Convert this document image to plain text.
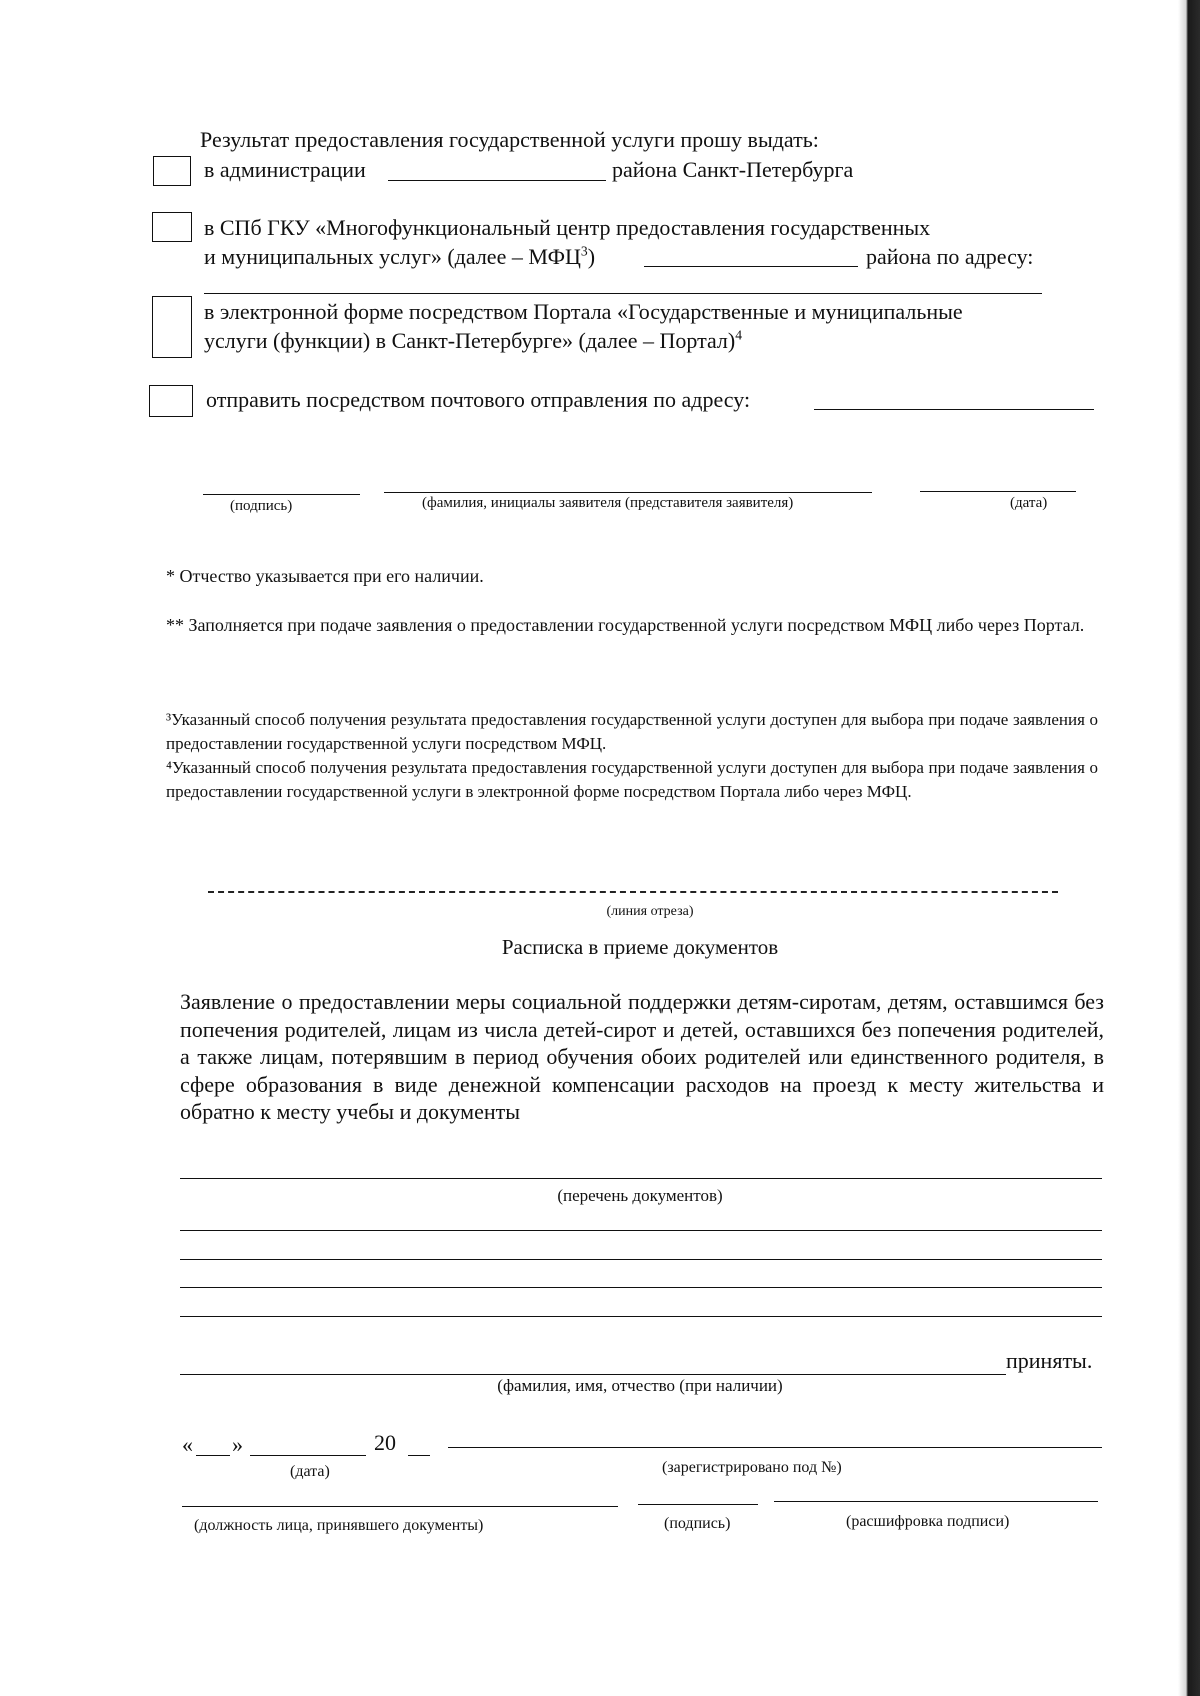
Результат предоставления государственной услуги прошу выдать:
в администрации	района Санкт-Петербурга
в СПб ГКУ «Многофункциональный центр предоставления государственных
и муниципальных услуг» (далее – МФЦ$^3$)	района по адресу:
в электронной форме посредством Портала «Государственные и муниципальные
услуги (функции) в Санкт-Петербурге» (далее – Портал)$^4$
отправить посредством почтового отправления по адресу:
(подпись)	(фамилия, инициалы заявителя (представителя заявителя)	(дата)
* Отчество указывается при его наличии.
** Заполняется при подаче заявления о предоставлении государственной услуги посредством МФЦ либо через Портал.
³Указанный способ получения результата предоставления государственной услуги доступен для выбора при подаче заявления о предоставлении государственной услуги посредством МФЦ.
⁴Указанный способ получения результата предоставления государственной услуги доступен для выбора при подаче заявления о предоставлении государственной услуги в электронной форме посредством Портала либо через МФЦ.
(линия отреза)
Расписка в приеме документов
Заявление о предоставлении меры социальной поддержки детям-сиротам, детям, оставшимся без попечения родителей, лицам из числа детей-сирот и детей, оставшихся без попечения родителей, а также лицам, потерявшим в период обучения обоих родителей или единственного родителя, в сфере образования в виде денежной компенсации расходов на проезд к месту жительства и обратно к месту учебы и документы
(перечень документов)
приняты.
(фамилия, имя, отчество (при наличии)
« »	20
(дата)	(зарегистрировано под №)
(должность лица, принявшего документы)	(подпись)	(расшифровка подписи)
